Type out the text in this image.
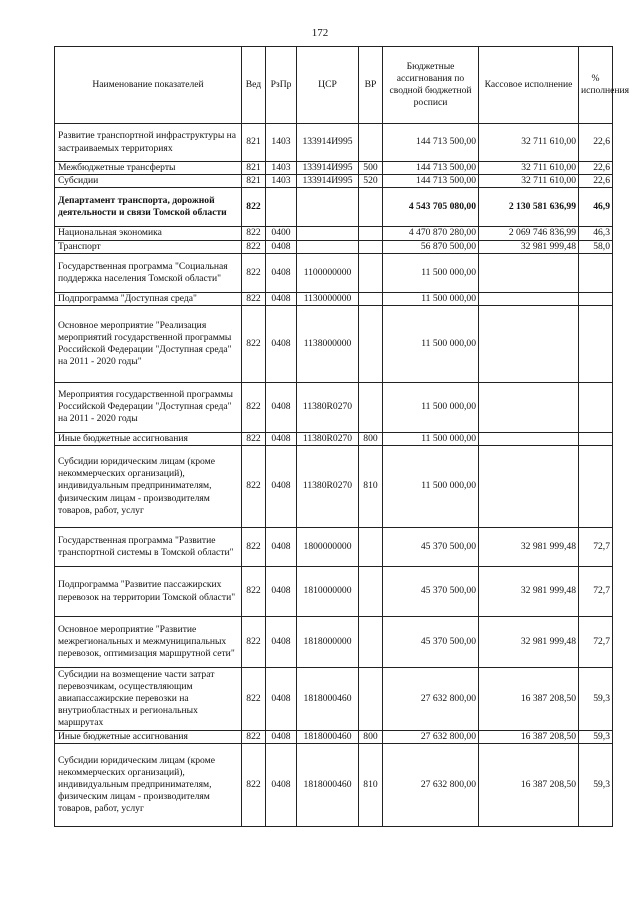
172
Наименование показателей	Вед	РзПр	ЦСР	ВР	Бюджетные ассигнования по сводной бюджетной росписи	Кассовое исполнение	% исполнения
Развитие транспортной инфраструктуры на застраиваемых территориях	821	1403	133914И995		144 713 500,00	32 711 610,00	22,6
Межбюджетные трансферты	821	1403	133914И995	500	144 713 500,00	32 711 610,00	22,6
Субсидии	821	1403	133914И995	520	144 713 500,00	32 711 610,00	22,6
Департамент транспорта, дорожной деятельности и связи Томской области	822				4 543 705 080,00	2 130 581 636,99	46,9
Национальная экономика	822	0400			4 470 870 280,00	2 069 746 836,99	46,3
Транспорт	822	0408			56 870 500,00	32 981 999,48	58,0
Государственная программа "Социальная поддержка населения Томской области"	822	0408	1100000000		11 500 000,00		
Подпрограмма "Доступная среда"	822	0408	1130000000		11 500 000,00		
Основное мероприятие "Реализация мероприятий государственной программы Российской Федерации "Доступная среда" на 2011 - 2020 годы"	822	0408	1138000000		11 500 000,00		
Мероприятия государственной программы Российской Федерации "Доступная среда" на 2011 - 2020 годы	822	0408	11380R0270		11 500 000,00		
Иные бюджетные ассигнования	822	0408	11380R0270	800	11 500 000,00		
Субсидии юридическим лицам (кроме некоммерческих организаций), индивидуальным предпринимателям, физическим лицам - производителям товаров, работ, услуг	822	0408	11380R0270	810	11 500 000,00		
Государственная программа "Развитие транспортной системы в Томской области"	822	0408	1800000000		45 370 500,00	32 981 999,48	72,7
Подпрограмма "Развитие пассажирских перевозок на территории Томской области"	822	0408	1810000000		45 370 500,00	32 981 999,48	72,7
Основное мероприятие "Развитие межрегиональных и межмуниципальных перевозок, оптимизация маршрутной сети"	822	0408	1818000000		45 370 500,00	32 981 999,48	72,7
Субсидии на возмещение части затрат перевозчикам, осуществляющим авиапассажирские перевозки на внутриобластных и региональных маршрутах	822	0408	1818000460		27 632 800,00	16 387 208,50	59,3
Иные бюджетные ассигнования	822	0408	1818000460	800	27 632 800,00	16 387 208,50	59,3
Субсидии юридическим лицам (кроме некоммерческих организаций), индивидуальным предпринимателям, физическим лицам - производителям товаров, работ, услуг	822	0408	1818000460	810	27 632 800,00	16 387 208,50	59,3
